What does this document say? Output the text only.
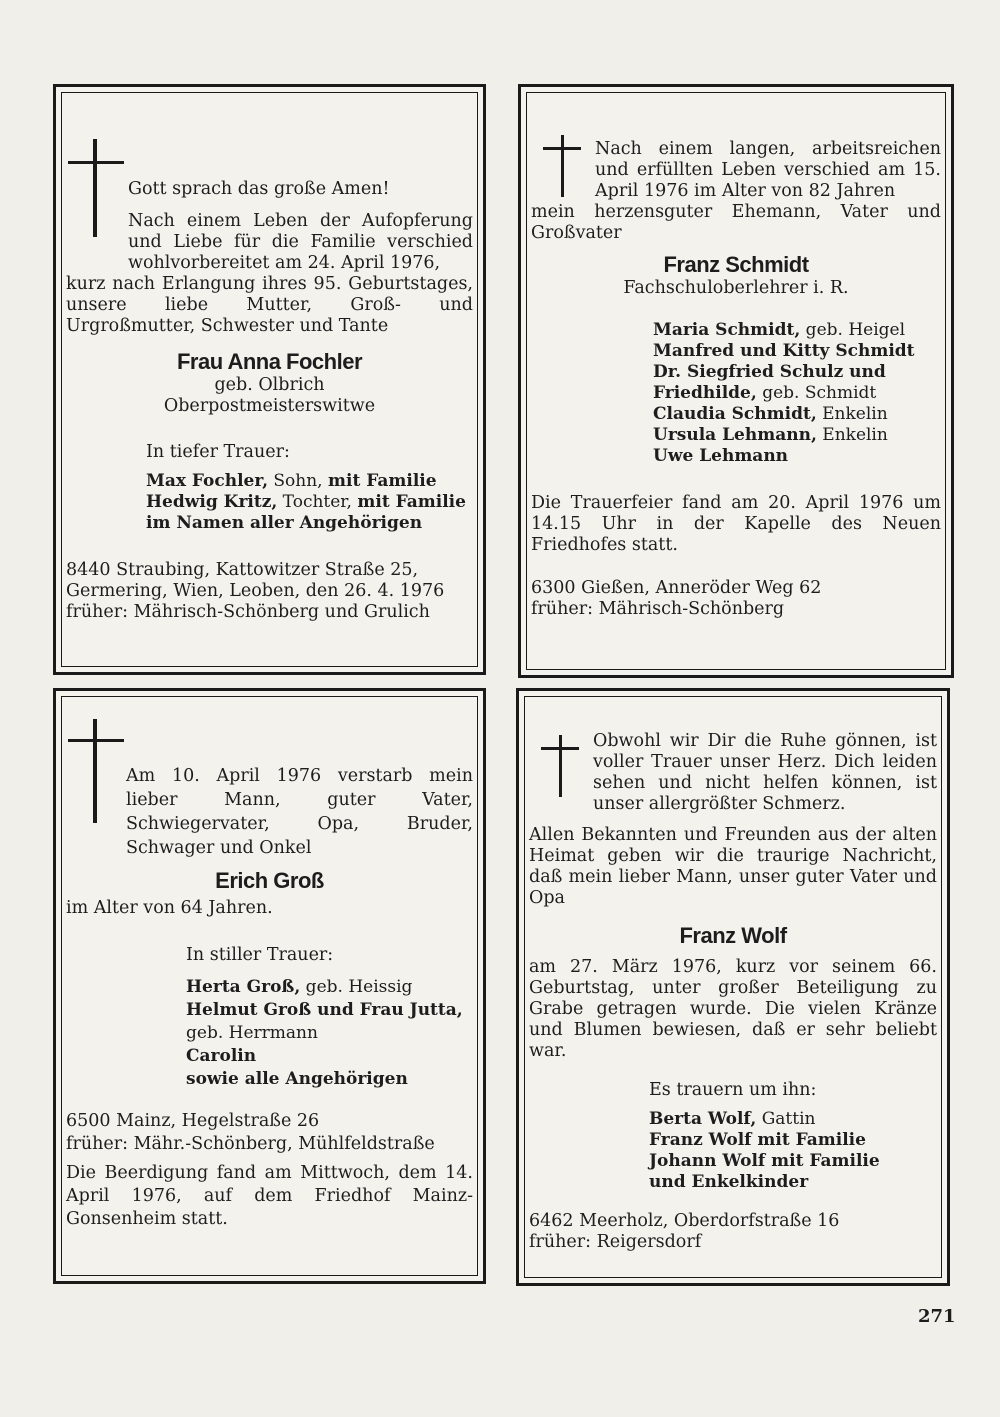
Gott sprach das große Amen!

Nach einem Leben der Aufopferung und Liebe für die Familie verschied wohlvorbereitet am 24. April 1976,

kurz nach Erlangung ihres 95. Geburtstages, unsere liebe Mutter, Groß- und Urgroßmutter, Schwester und Tante

Frau Anna Fochler

geb. Olbrich

Oberpostmeisterswitwe

In tiefer Trauer:

Max Fochler, Sohn, mit Familie

Hedwig Kritz, Tochter, mit Familie

im Namen aller Angehörigen

8440 Straubing, Kattowitzer Straße 25,

Germering, Wien, Leoben, den 26. 4. 1976

früher: Mährisch-Schönberg und Grulich

Nach einem langen, arbeitsreichen und erfüllten Leben verschied am 15. April 1976 im Alter von 82 Jahren

mein herzensguter Ehemann, Vater und Großvater

Franz Schmidt

Fachschuloberlehrer i. R.

Maria Schmidt, geb. Heigel

Manfred und Kitty Schmidt

Dr. Siegfried Schulz und

Friedhilde, geb. Schmidt

Claudia Schmidt, Enkelin

Ursula Lehmann, Enkelin

Uwe Lehmann

Die Trauerfeier fand am 20. April 1976 um 14.15 Uhr in der Kapelle des Neuen Friedhofes statt.

6300 Gießen, Anneröder Weg 62

früher: Mährisch-Schönberg

Am 10. April 1976 verstarb mein lieber Mann, guter Vater, Schwiegervater, Opa, Bruder, Schwager und Onkel

Erich Groß

im Alter von 64 Jahren.

In stiller Trauer:

Herta Groß, geb. Heissig

Helmut Groß und Frau Jutta,

geb. Herrmann

Carolin

sowie alle Angehörigen

6500 Mainz, Hegelstraße 26

früher: Mähr.-Schönberg, Mühlfeldstraße

Die Beerdigung fand am Mittwoch, dem 14. April 1976, auf dem Friedhof Mainz-Gonsenheim statt.

Obwohl wir Dir die Ruhe gönnen, ist voller Trauer unser Herz. Dich leiden sehen und nicht helfen können, ist unser allergrößter Schmerz.

Allen Bekannten und Freunden aus der alten Heimat geben wir die traurige Nachricht, daß mein lieber Mann, unser guter Vater und Opa

Franz Wolf

am 27. März 1976, kurz vor seinem 66. Geburtstag, unter großer Beteiligung zu Grabe getragen wurde. Die vielen Kränze und Blumen bewiesen, daß er sehr beliebt war.

Es trauern um ihn:

Berta Wolf, Gattin

Franz Wolf mit Familie

Johann Wolf mit Familie

und Enkelkinder

6462 Meerholz, Oberdorfstraße 16

früher: Reigersdorf

271
